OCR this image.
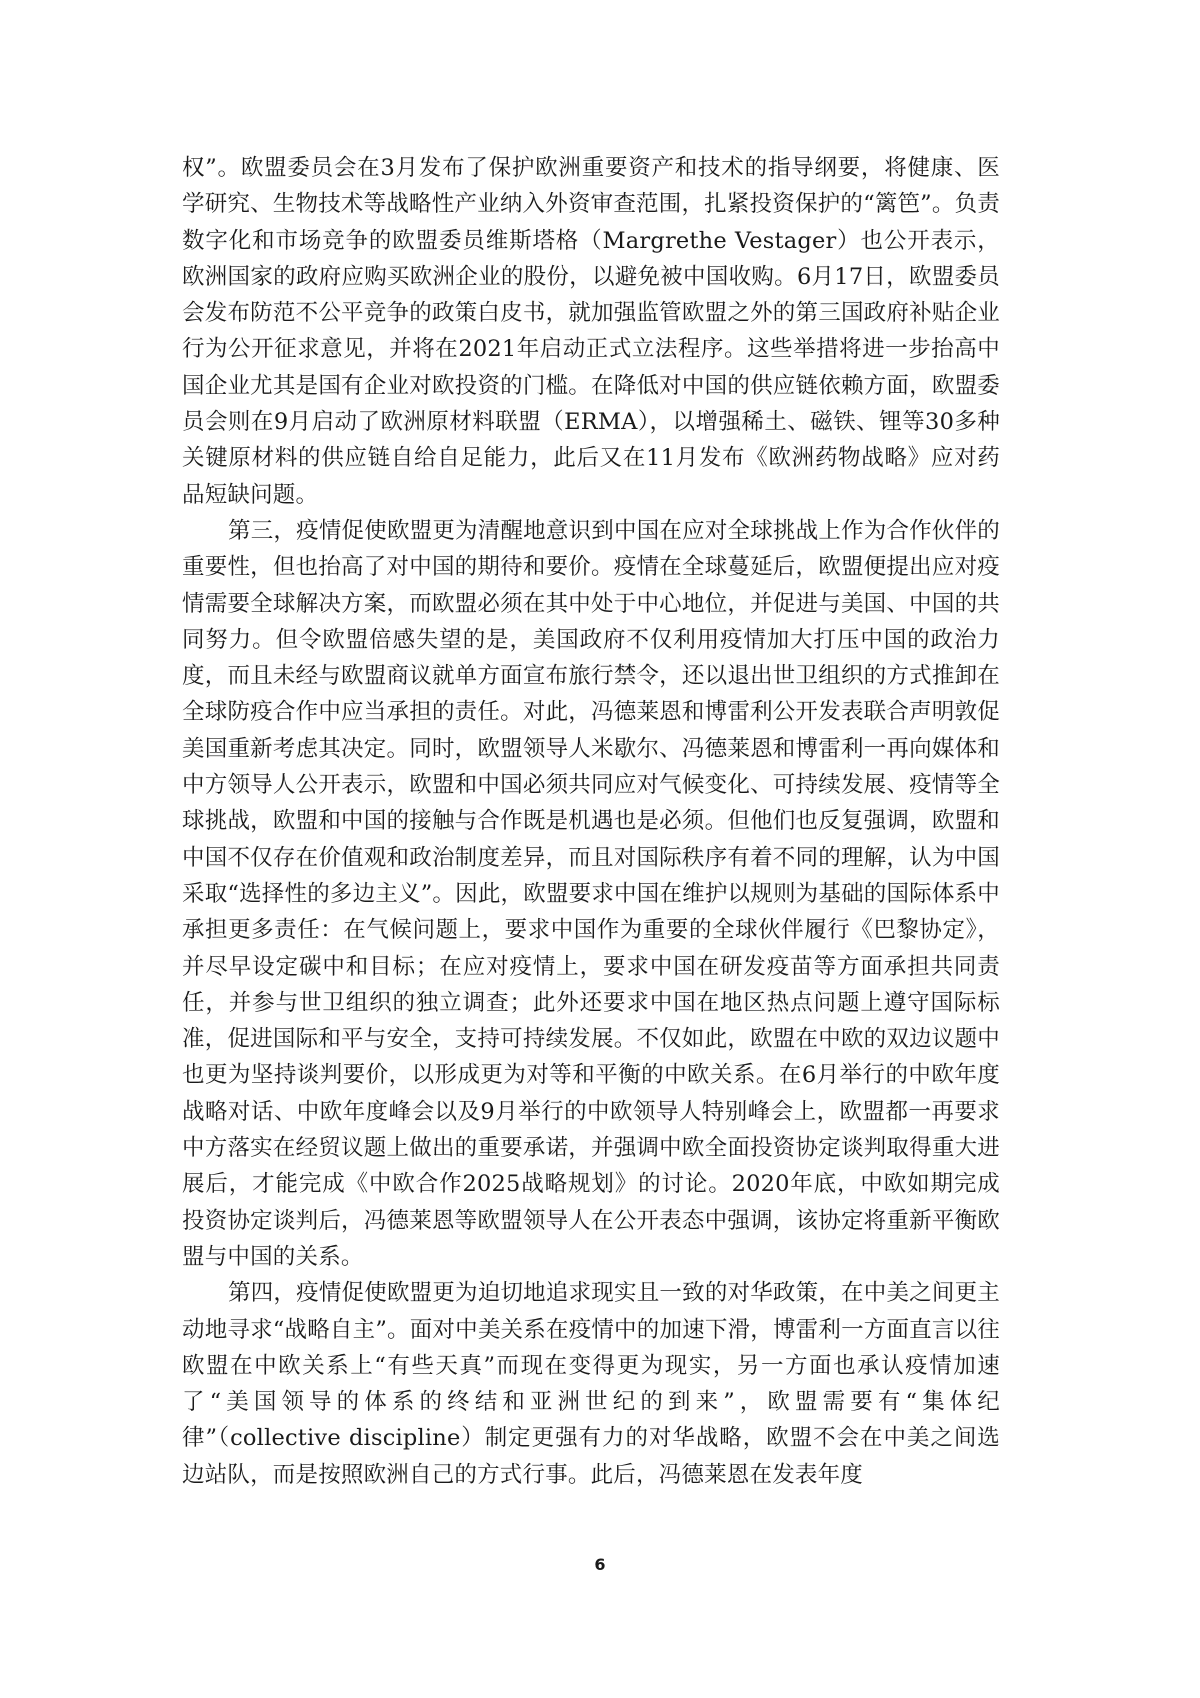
权”。欧盟委员会在3月发布了保护欧洲重要资产和技术的指导纲要，将健康、医学研究、生物技术等战略性产业纳入外资审查范围，扎紧投资保护的“篱笆”。负责数字化和市场竞争的欧盟委员维斯塔格（Margrethe Vestager）也公开表示，欧洲国家的政府应购买欧洲企业的股份，以避免被中国收购。6月17日，欧盟委员会发布防范不公平竞争的政策白皮书，就加强监管欧盟之外的第三国政府补贴企业行为公开征求意见，并将在2021年启动正式立法程序。这些举措将进一步抬高中国企业尤其是国有企业对欧投资的门槛。在降低对中国的供应链依赖方面，欧盟委员会则在9月启动了欧洲原材料联盟（ERMA），以增强稀土、磁铁、锂等30多种关键原材料的供应链自给自足能力，此后又在11月发布《欧洲药物战略》应对药品短缺问题。

第三，疫情促使欧盟更为清醒地意识到中国在应对全球挑战上作为合作伙伴的重要性，但也抬高了对中国的期待和要价。疫情在全球蔓延后，欧盟便提出应对疫情需要全球解决方案，而欧盟必须在其中处于中心地位，并促进与美国、中国的共同努力。但令欧盟倍感失望的是，美国政府不仅利用疫情加大打压中国的政治力度，而且未经与欧盟商议就单方面宣布旅行禁令，还以退出世卫组织的方式推卸在全球防疫合作中应当承担的责任。对此，冯德莱恩和博雷利公开发表联合声明敦促美国重新考虑其决定。同时，欧盟领导人米歇尔、冯德莱恩和博雷利一再向媒体和中方领导人公开表示，欧盟和中国必须共同应对气候变化、可持续发展、疫情等全球挑战，欧盟和中国的接触与合作既是机遇也是必须。但他们也反复强调，欧盟和中国不仅存在价值观和政治制度差异，而且对国际秩序有着不同的理解，认为中国采取“选择性的多边主义”。因此，欧盟要求中国在维护以规则为基础的国际体系中承担更多责任：在气候问题上，要求中国作为重要的全球伙伴履行《巴黎协定》，并尽早设定碳中和目标；在应对疫情上，要求中国在研发疫苗等方面承担共同责任，并参与世卫组织的独立调查；此外还要求中国在地区热点问题上遵守国际标准，促进国际和平与安全，支持可持续发展。不仅如此，欧盟在中欧的双边议题中也更为坚持谈判要价，以形成更为对等和平衡的中欧关系。在6月举行的中欧年度战略对话、中欧年度峰会以及9月举行的中欧领导人特别峰会上，欧盟都一再要求中方落实在经贸议题上做出的重要承诺，并强调中欧全面投资协定谈判取得重大进展后，才能完成《中欧合作2025战略规划》的讨论。2020年底，中欧如期完成投资协定谈判后，冯德莱恩等欧盟领导人在公开表态中强调，该协定将重新平衡欧盟与中国的关系。

第四，疫情促使欧盟更为迫切地追求现实且一致的对华政策，在中美之间更主动地寻求“战略自主”。面对中美关系在疫情中的加速下滑，博雷利一方面直言以往欧盟在中欧关系上“有些天真”而现在变得更为现实，另一方面也承认疫情加速了“美国领导的体系的终结和亚洲世纪的到来”，欧盟需要有“集体纪律”（collective discipline）制定更强有力的对华战略，欧盟不会在中美之间选边站队，而是按照欧洲自己的方式行事。此后，冯德莱恩在发表年度

6
